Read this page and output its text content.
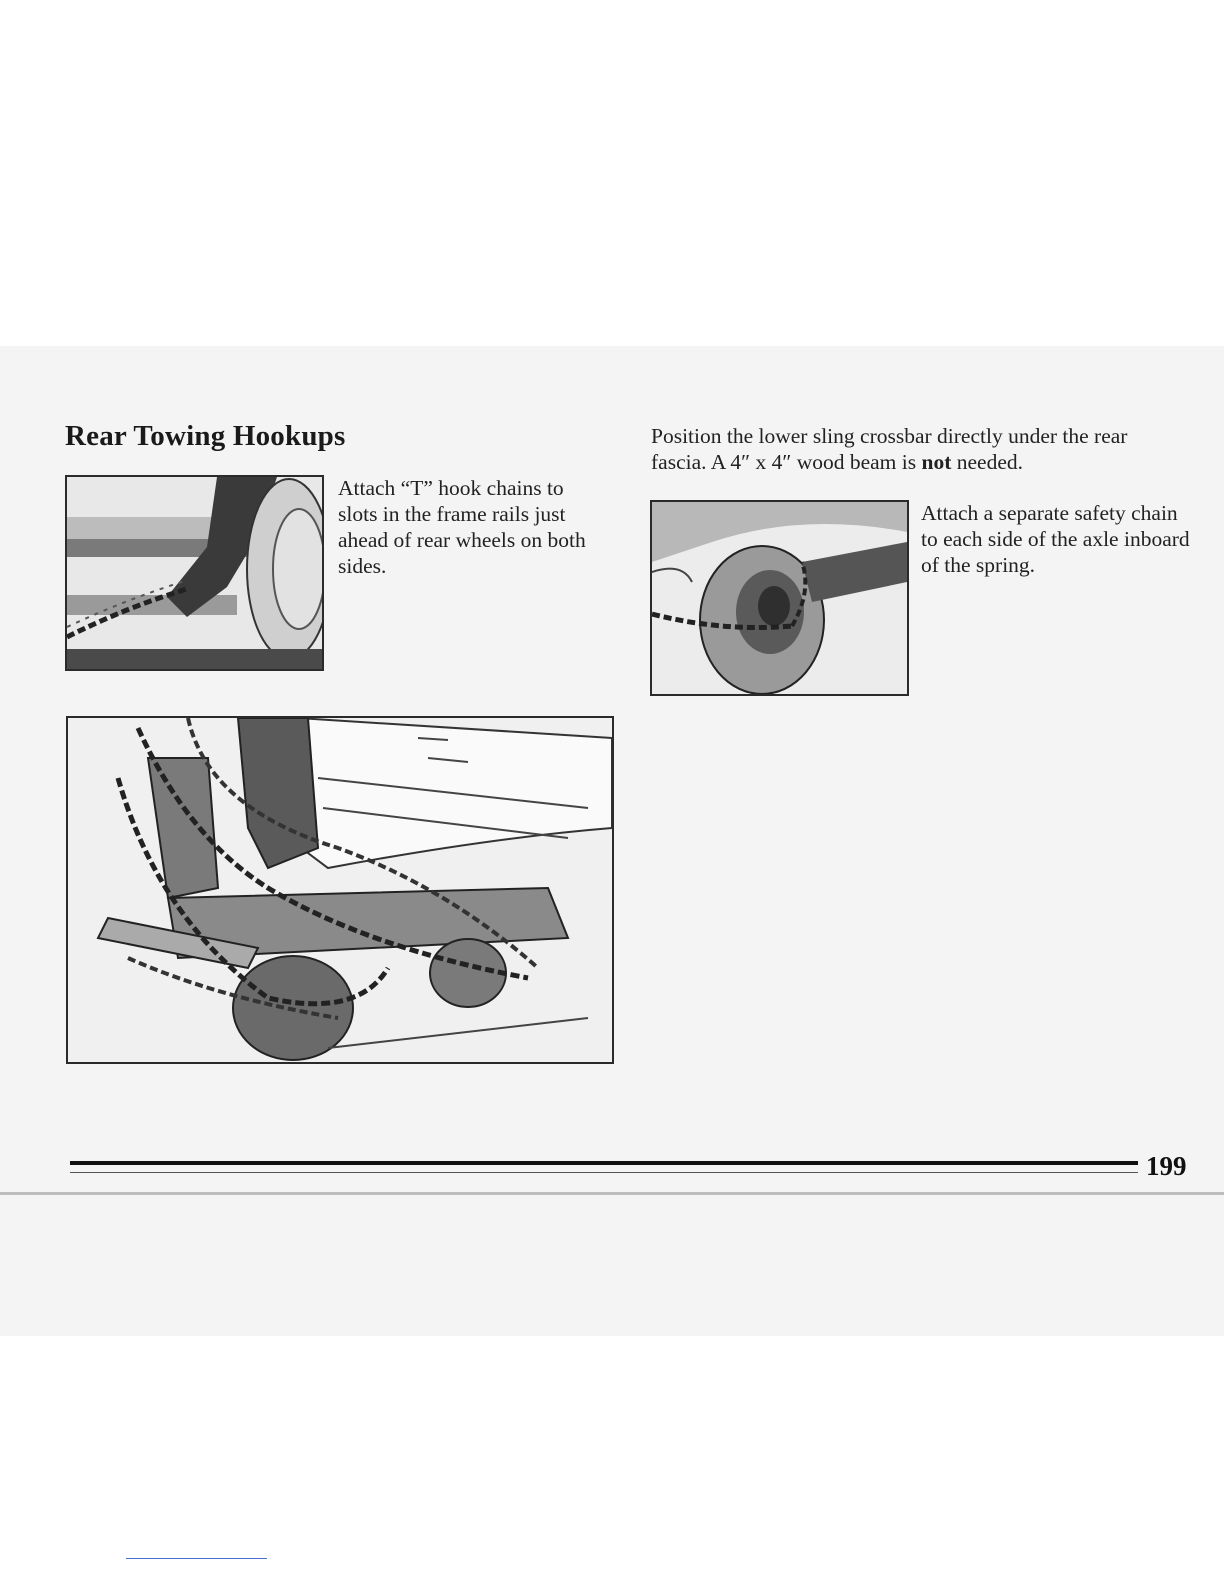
Rear Towing Hookups

Attach “T” hook chains to slots in the frame rails just ahead of rear wheels on both sides.

Position the lower sling crossbar directly under the rear

fascia. A 4″ x 4″ wood beam is not needed.

Attach a separate safety chain to each side of the axle inboard of the spring.

199
